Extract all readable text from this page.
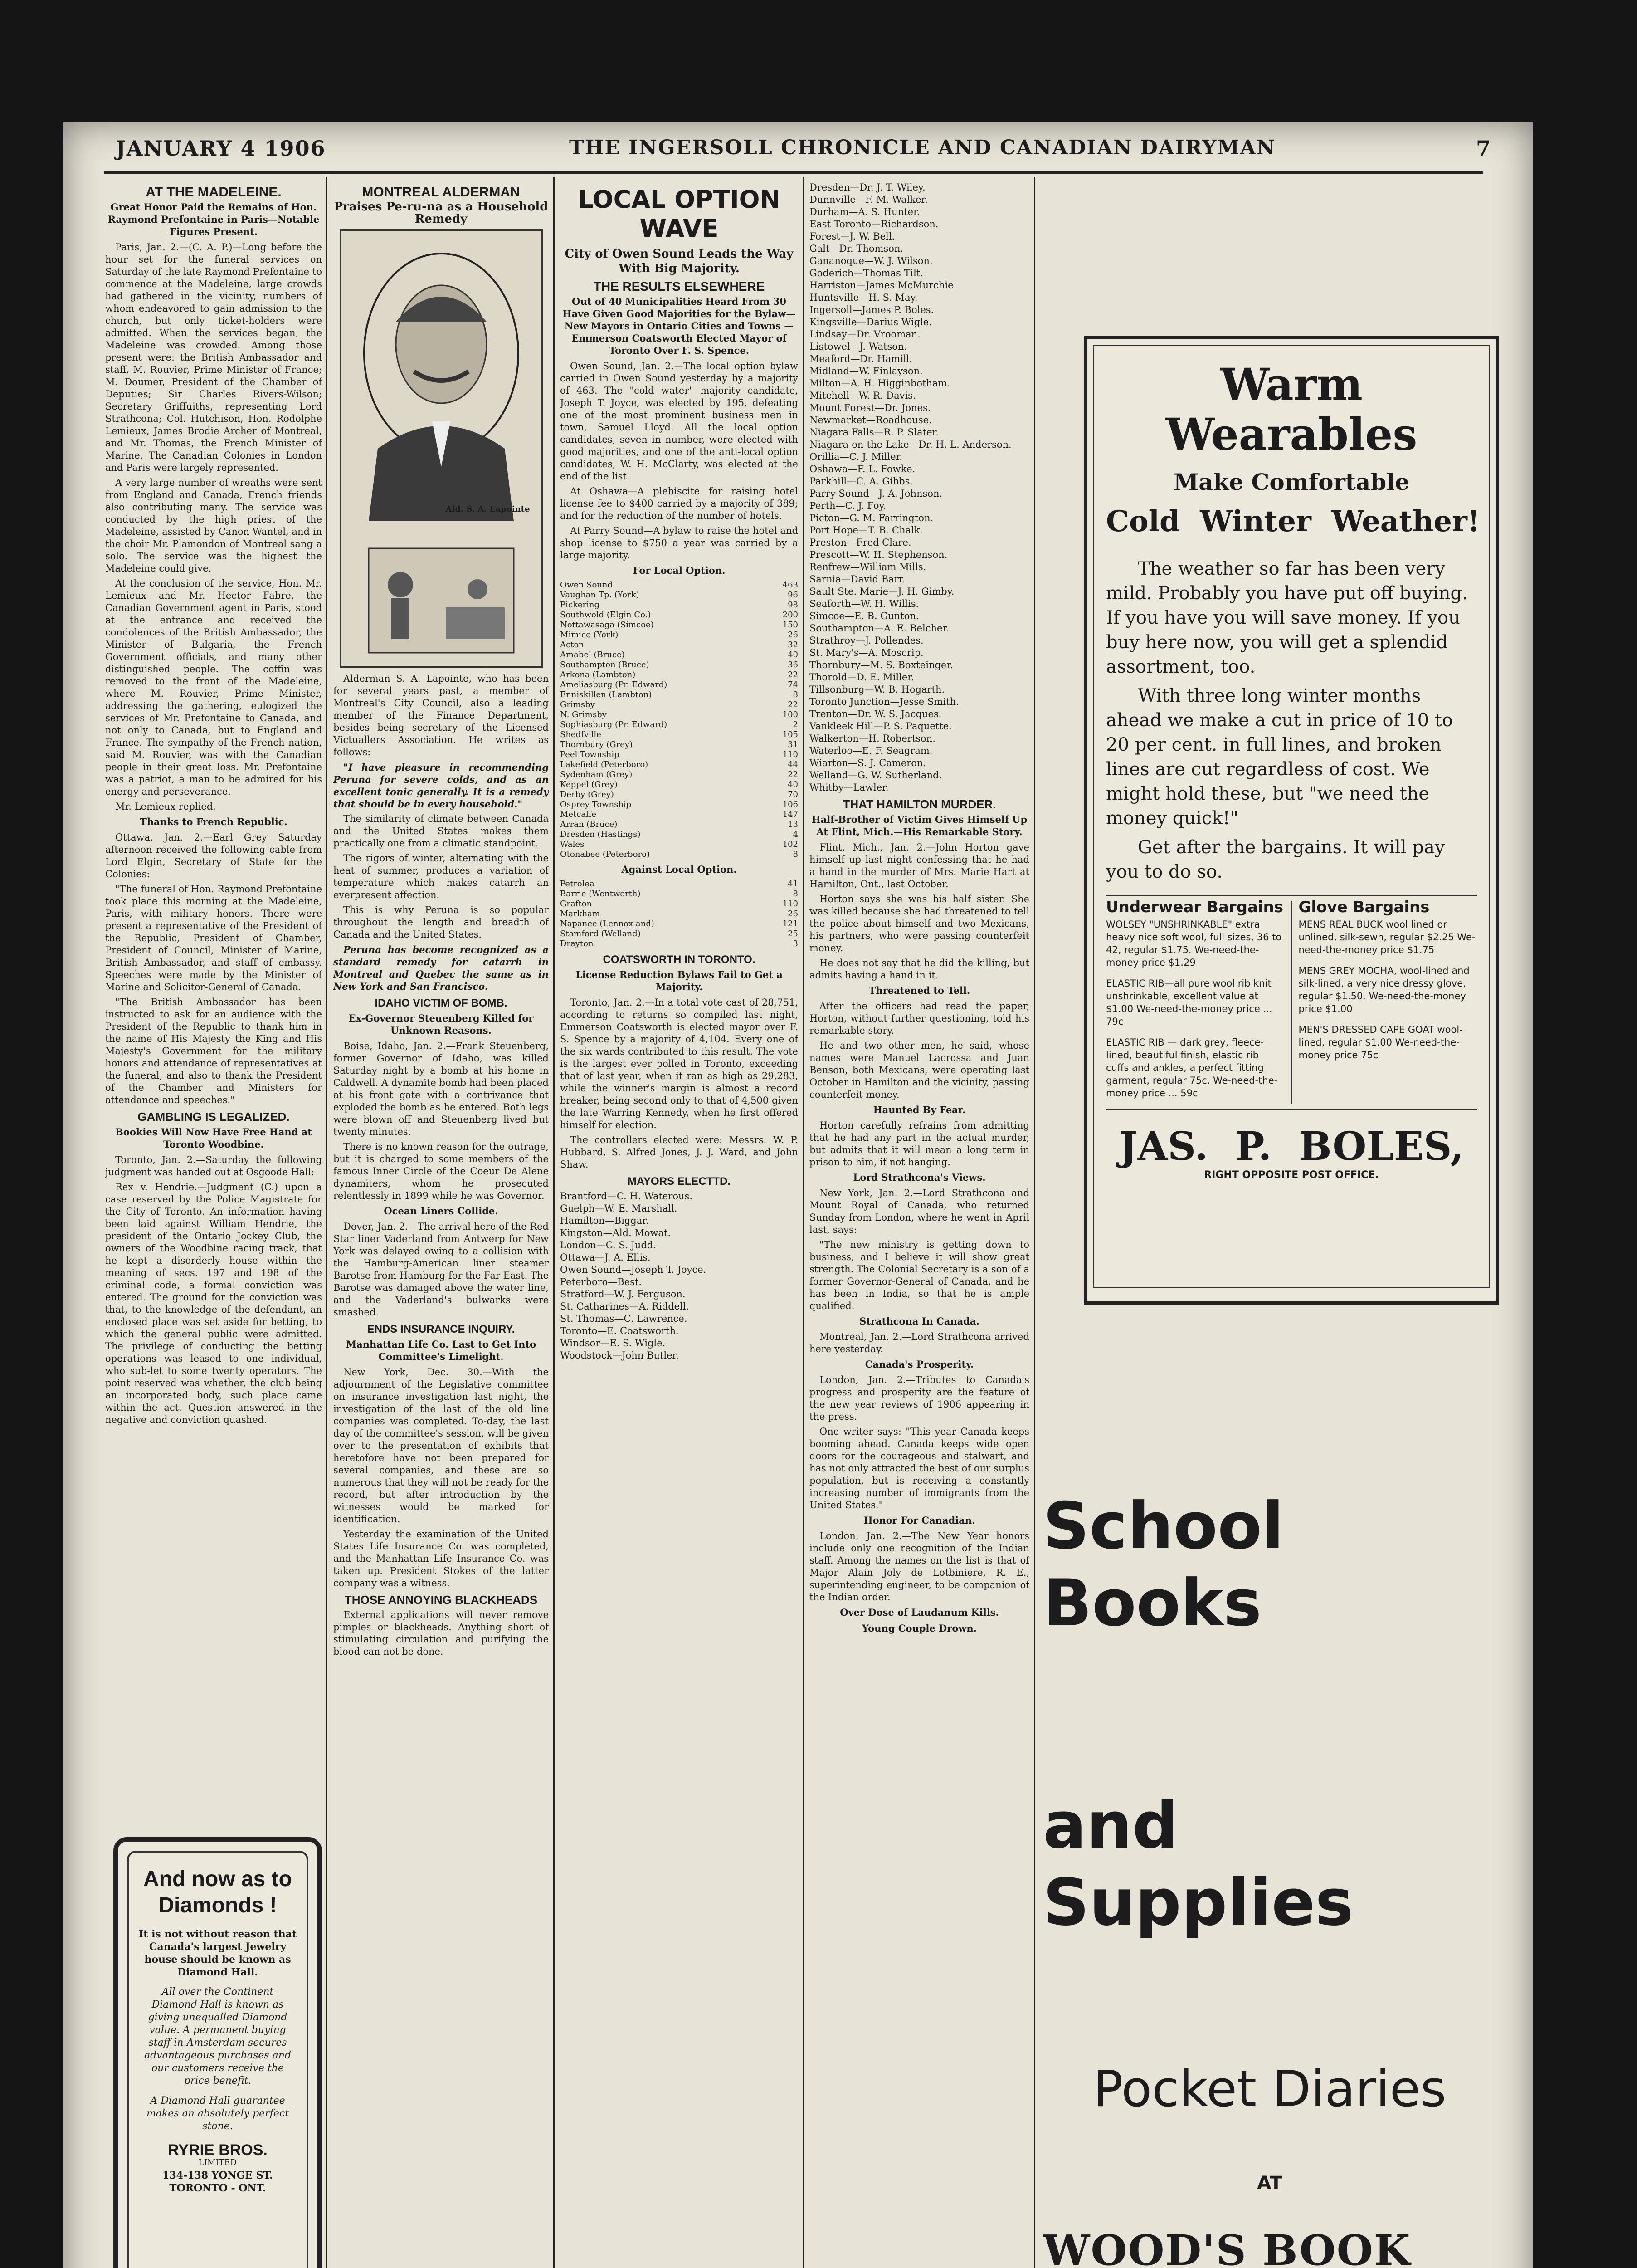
JANUARY 4 1906	THE INGERSOLL CHRONICLE AND CANADIAN DAIRYMAN	7
AT THE MADELEINE.
Great Honor Paid the Remains of Hon. Raymond Prefontaine in Paris—Notable Figures Present.

Paris, Jan. 2.—(C. A. P.)—Long before the hour set for the funeral services on Saturday of the late Raymond Prefontaine to commence at the Madeleine, large crowds had gathered in the vicinity, numbers of whom endeavored to gain admission to the church, but only ticket-holders were admitted. When the services began, the Madeleine was crowded. Among those present were: the British Ambassador and staff, M. Rouvier, Prime Minister of France; M. Doumer, President of the Chamber of Deputies; Sir Charles Rivers-Wilson; Secretary Griffuiths, representing Lord Strathcona; Col. Hutchison, Hon. Rodolphe Lemieux, James Brodie Archer of Montreal, and Mr. Thomas, the French Minister of Marine. The Canadian Colonies in London and Paris were largely represented.

A very large number of wreaths were sent from England and Canada, French friends also contributing many. The service was conducted by the high priest of the Madeleine, assisted by Canon Wantel, and in the choir Mr. Plamondon of Montreal sang a solo. The service was the highest the Madeleine could give.

At the conclusion of the service, Hon. Mr. Lemieux and Mr. Hector Fabre, the Canadian Government agent in Paris, stood at the entrance and received the condolences of the British Ambassador, the Minister of Bulgaria, the French Government officials, and many other distinguished people. The coffin was removed to the front of the Madeleine, where M. Rouvier, Prime Minister, addressing the gathering, eulogized the services of Mr. Prefontaine to Canada, and not only to Canada, but to England and France. The sympathy of the French nation, said M. Rouvier, was with the Canadian people in their great loss. Mr. Prefontaine was a patriot, a man to be admired for his energy and perseverance.

Mr. Lemieux replied.

Thanks to French Republic.

Ottawa, Jan. 2.—Earl Grey Saturday afternoon received the following cable from Lord Elgin, Secretary of State for the Colonies:

"The funeral of Hon. Raymond Prefontaine took place this morning at the Madeleine, Paris, with military honors. There were present a representative of the President of the Republic, President of Chamber, President of Council, Minister of Marine, British Ambassador, and staff of embassy. Speeches were made by the Minister of Marine and Solicitor-General of Canada.

"The British Ambassador has been instructed to ask for an audience with the President of the Republic to thank him in the name of His Majesty the King and His Majesty's Government for the military honors and attendance of representatives at the funeral, and also to thank the President of the Chamber and Ministers for attendance and speeches."

GAMBLING IS LEGALIZED.
Bookies Will Now Have Free Hand at Toronto Woodbine.

Toronto, Jan. 2.—Saturday the following judgment was handed out at Osgoode Hall:

Rex v. Hendrie.—Judgment (C.) upon a case reserved by the Police Magistrate for the City of Toronto. An information having been laid against William Hendrie, the president of the Ontario Jockey Club, the owners of the Woodbine racing track, that he kept a disorderly house within the meaning of secs. 197 and 198 of the criminal code, a formal conviction was entered. The ground for the conviction was that, to the knowledge of the defendant, an enclosed place was set aside for betting, to which the general public were admitted. The privilege of conducting the betting operations was leased to one individual, who sub-let to some twenty operators. The point reserved was whether, the club being an incorporated body, such place came within the act. Question answered in the negative and conviction quashed.

And now as to Diamonds !

It is not without reason that Canada's largest Jewelry house should be known as Diamond Hall.

All over the Continent Diamond Hall is known as giving unequalled Diamond value. A permanent buying staff in Amsterdam secures advantageous purchases and our customers receive the price benefit.

A Diamond Hall guarantee makes an absolutely perfect stone.

RYRIE BROS.
LIMITED
134-138 YONGE ST.
TORONTO - ONT.
MONTREAL ALDERMAN
Praises Pe-ru-na as a Household Remedy
Ald. S. A. Lapointe

Alderman S. A. Lapointe, who has been for several years past, a member of Montreal's City Council, also a leading member of the Finance Department, besides being secretary of the Licensed Victuallers Association. He writes as follows:

"I have pleasure in recommending Peruna for severe colds, and as an excellent tonic generally. It is a remedy that should be in every household."

The similarity of climate between Canada and the United States makes them practically one from a climatic standpoint.

The rigors of winter, alternating with the heat of summer, produces a variation of temperature which makes catarrh an everpresent affection.

This is why Peruna is so popular throughout the length and breadth of Canada and the United States.

Peruna has become recognized as a standard remedy for catarrh in Montreal and Quebec the same as in New York and San Francisco.

IDAHO VICTIM OF BOMB.
Ex-Governor Steuenberg Killed for Unknown Reasons.

Boise, Idaho, Jan. 2.—Frank Steuenberg, former Governor of Idaho, was killed Saturday night by a bomb at his home in Caldwell. A dynamite bomb had been placed at his front gate with a contrivance that exploded the bomb as he entered. Both legs were blown off and Steuenberg lived but twenty minutes.

There is no known reason for the outrage, but it is charged to some members of the famous Inner Circle of the Coeur De Alene dynamiters, whom he prosecuted relentlessly in 1899 while he was Governor.

Ocean Liners Collide.

Dover, Jan. 2.—The arrival here of the Red Star liner Vaderland from Antwerp for New York was delayed owing to a collision with the Hamburg-American liner steamer Barotse from Hamburg for the Far East. The Barotse was damaged above the water line, and the Vaderland's bulwarks were smashed.

ENDS INSURANCE INQUIRY.
Manhattan Life Co. Last to Get Into Committee's Limelight.

New York, Dec. 30.—With the adjournment of the Legislative committee on insurance investigation last night, the investigation of the last of the old line companies was completed. To-day, the last day of the committee's session, will be given over to the presentation of exhibits that heretofore have not been prepared for several companies, and these are so numerous that they will not be ready for the record, but after introduction by the witnesses would be marked for identification.

Yesterday the examination of the United States Life Insurance Co. was completed, and the Manhattan Life Insurance Co. was taken up. President Stokes of the latter company was a witness.

THOSE ANNOYING BLACKHEADS

External applications will never remove pimples or blackheads. Anything short of stimulating circulation and purifying the blood can not be done.

LOCAL OPTION WAVE
City of Owen Sound Leads the Way With Big Majority.
THE RESULTS ELSEWHERE
Out of 40 Municipalities Heard From 30 Have Given Good Majorities for the Bylaw—New Mayors in Ontario Cities and Towns — Emmerson Coatsworth Elected Mayor of Toronto Over F. S. Spence.

Owen Sound, Jan. 2.—The local option bylaw carried in Owen Sound yesterday by a majority of 463. The "cold water" majority candidate, Joseph T. Joyce, was elected by 195, defeating one of the most prominent business men in town, Samuel Lloyd. All the local option candidates, seven in number, were elected with good majorities, and one of the anti-local option candidates, W. H. McClarty, was elected at the end of the list.

At Oshawa—A plebiscite for raising hotel license fee to $400 carried by a majority of 389; and for the reduction of the number of hotels.

At Parry Sound—A bylaw to raise the hotel and shop license to $750 a year was carried by a large majority.

For Local Option.
Owen Sound	463
Vaughan Tp. (York)	96
Pickering	98
Southwold (Elgin Co.)	200
Nottawasaga (Simcoe)	150
Mimico (York)	26
Acton	32
Amabel (Bruce)	40
Southampton (Bruce)	36
Arkona (Lambton)	22
Ameliasburg (Pr. Edward)	74
Enniskillen (Lambton)	8
Grimsby	22
N. Grimsby	100
Sophiasburg (Pr. Edward)	2
Shedfville	105
Thornbury (Grey)	31
Peel Township	110
Lakefield (Peterboro)	44
Sydenham (Grey)	22
Keppel (Grey)	40
Derby (Grey)	70
Osprey Township	106
Metcalfe	147
Arran (Bruce)	13
Dresden (Hastings)	4
Wales	102
Otonabee (Peterboro)	8
Against Local Option.
Petrolea	41
Barrie (Wentworth)	8
Grafton	110
Markham	26
Napanee (Lennox and)	121
Stamford (Welland)	25
Drayton	3
COATSWORTH IN TORONTO.
License Reduction Bylaws Fail to Get a Majority.

Toronto, Jan. 2.—In a total vote cast of 28,751, according to returns so compiled last night, Emmerson Coatsworth is elected mayor over F. S. Spence by a majority of 4,104. Every one of the six wards contributed to this result. The vote is the largest ever polled in Toronto, exceeding that of last year, when it ran as high as 29,283, while the winner's margin is almost a record breaker, being second only to that of 4,500 given the late Warring Kennedy, when he first offered himself for election.

The controllers elected were: Messrs. W. P. Hubbard, S. Alfred Jones, J. J. Ward, and John Shaw.

MAYORS ELECTTD.
Brantford—C. H. Waterous.
Guelph—W. E. Marshall.
Hamilton—Biggar.
Kingston—Ald. Mowat.
London—C. S. Judd.
Ottawa—J. A. Ellis.
Owen Sound—Joseph T. Joyce.
Peterboro—Best.
Stratford—W. J. Ferguson.
St. Catharines—A. Riddell.
St. Thomas—C. Lawrence.
Toronto—E. Coatsworth.
Windsor—E. S. Wigle.
Woodstock—John Butler.
Dresden—Dr. J. T. Wiley.
Dunnville—F. M. Walker.
Durham—A. S. Hunter.
East Toronto—Richardson.
Forest—J. W. Bell.
Galt—Dr. Thomson.
Gananoque—W. J. Wilson.
Goderich—Thomas Tilt.
Harriston—James McMurchie.
Huntsville—H. S. May.
Ingersoll—James P. Boles.
Kingsville—Darius Wigle.
Lindsay—Dr. Vrooman.
Listowel—J. Watson.
Meaford—Dr. Hamill.
Midland—W. Finlayson.
Milton—A. H. Higginbotham.
Mitchell—W. R. Davis.
Mount Forest—Dr. Jones.
Newmarket—Roadhouse.
Niagara Falls—R. P. Slater.
Niagara-on-the-Lake—Dr. H. L. Anderson.
Orillia—C. J. Miller.
Oshawa—F. L. Fowke.
Parkhill—C. A. Gibbs.
Parry Sound—J. A. Johnson.
Perth—C. J. Foy.
Picton—G. M. Farrington.
Port Hope—T. B. Chalk.
Preston—Fred Clare.
Prescott—W. H. Stephenson.
Renfrew—William Mills.
Sarnia—David Barr.
Sault Ste. Marie—J. H. Gimby.
Seaforth—W. H. Willis.
Simcoe—E. B. Gunton.
Southampton—A. E. Belcher.
Strathroy—J. Pollendes.
St. Mary's—A. Moscrip.
Thornbury—M. S. Boxteinger.
Thorold—D. E. Miller.
Tillsonburg—W. B. Hogarth.
Toronto Junction—Jesse Smith.
Trenton—Dr. W. S. Jacques.
Vankleek Hill—P. S. Paquette.
Walkerton—H. Robertson.
Waterloo—E. F. Seagram.
Wiarton—S. J. Cameron.
Welland—G. W. Sutherland.
Whitby—Lawler.
THAT HAMILTON MURDER.
Half-Brother of Victim Gives Himself Up At Flint, Mich.—His Remarkable Story.

Flint, Mich., Jan. 2.—John Horton gave himself up last night confessing that he had a hand in the murder of Mrs. Marie Hart at Hamilton, Ont., last October.

Horton says she was his half sister. She was killed because she had threatened to tell the police about himself and two Mexicans, his partners, who were passing counterfeit money.

He does not say that he did the killing, but admits having a hand in it.

Threatened to Tell.

After the officers had read the paper, Horton, without further questioning, told his remarkable story.

He and two other men, he said, whose names were Manuel Lacrossa and Juan Benson, both Mexicans, were operating last October in Hamilton and the vicinity, passing counterfeit money.

Haunted By Fear.

Horton carefully refrains from admitting that he had any part in the actual murder, but admits that it will mean a long term in prison to him, if not hanging.

Lord Strathcona's Views.

New York, Jan. 2.—Lord Strathcona and Mount Royal of Canada, who returned Sunday from London, where he went in April last, says:

"The new ministry is getting down to business, and I believe it will show great strength. The Colonial Secretary is a son of a former Governor-General of Canada, and he has been in India, so that he is ample qualified.

Strathcona In Canada.

Montreal, Jan. 2.—Lord Strathcona arrived here yesterday.

Canada's Prosperity.

London, Jan. 2.—Tributes to Canada's progress and prosperity are the feature of the new year reviews of 1906 appearing in the press.

One writer says: "This year Canada keeps booming ahead. Canada keeps wide open doors for the courageous and stalwart, and has not only attracted the best of our surplus population, but is receiving a constantly increasing number of immigrants from the United States."

Honor For Canadian.

London, Jan. 2.—The New Year honors include only one recognition of the Indian staff. Among the names on the list is that of Major Alain Joly de Lotbiniere, R. E., superintending engineer, to be companion of the Indian order.

Over Dose of Laudanum Kills.
Young Couple Drown.
Warm
Wearables
Make Comfortable
Cold  Winter  Weather!

The weather so far has been very mild. Probably you have put off buying. If you have you will save money. If you buy here now, you will get a splendid assortment, too.

With three long winter months ahead we make a cut in price of 10 to 20 per cent. in full lines, and broken lines are cut regardless of cost. We might hold these, but "we need the money quick!"

Get after the bargains. It will pay you to do so.

Underwear Bargains

WOLSEY "UNSHRINKABLE" extra heavy nice soft wool, full sizes, 36 to 42, regular $1.75. We-need-the-money price $1.29

ELASTIC RIB—all pure wool rib knit unshrinkable, excellent value at $1.00 We-need-the-money price ... 79c

ELASTIC RIB — dark grey, fleece-lined, beautiful finish, elastic rib cuffs and ankles, a perfect fitting garment, regular 75c. We-need-the-money price ... 59c

Glove Bargains

MENS REAL BUCK wool lined or unlined, silk-sewn, regular $2.25 We-need-the-money price $1.75

MENS GREY MOCHA, wool-lined and silk-lined, a very nice dressy glove, regular $1.50. We-need-the-money price $1.00

MEN'S DRESSED CAPE GOAT wool-lined, regular $1.00 We-need-the-money price 75c

JAS.  P.  BOLES,
RIGHT OPPOSITE POST OFFICE.
School Books
and Supplies
Pocket Diaries
AT
WOOD'S BOOK
